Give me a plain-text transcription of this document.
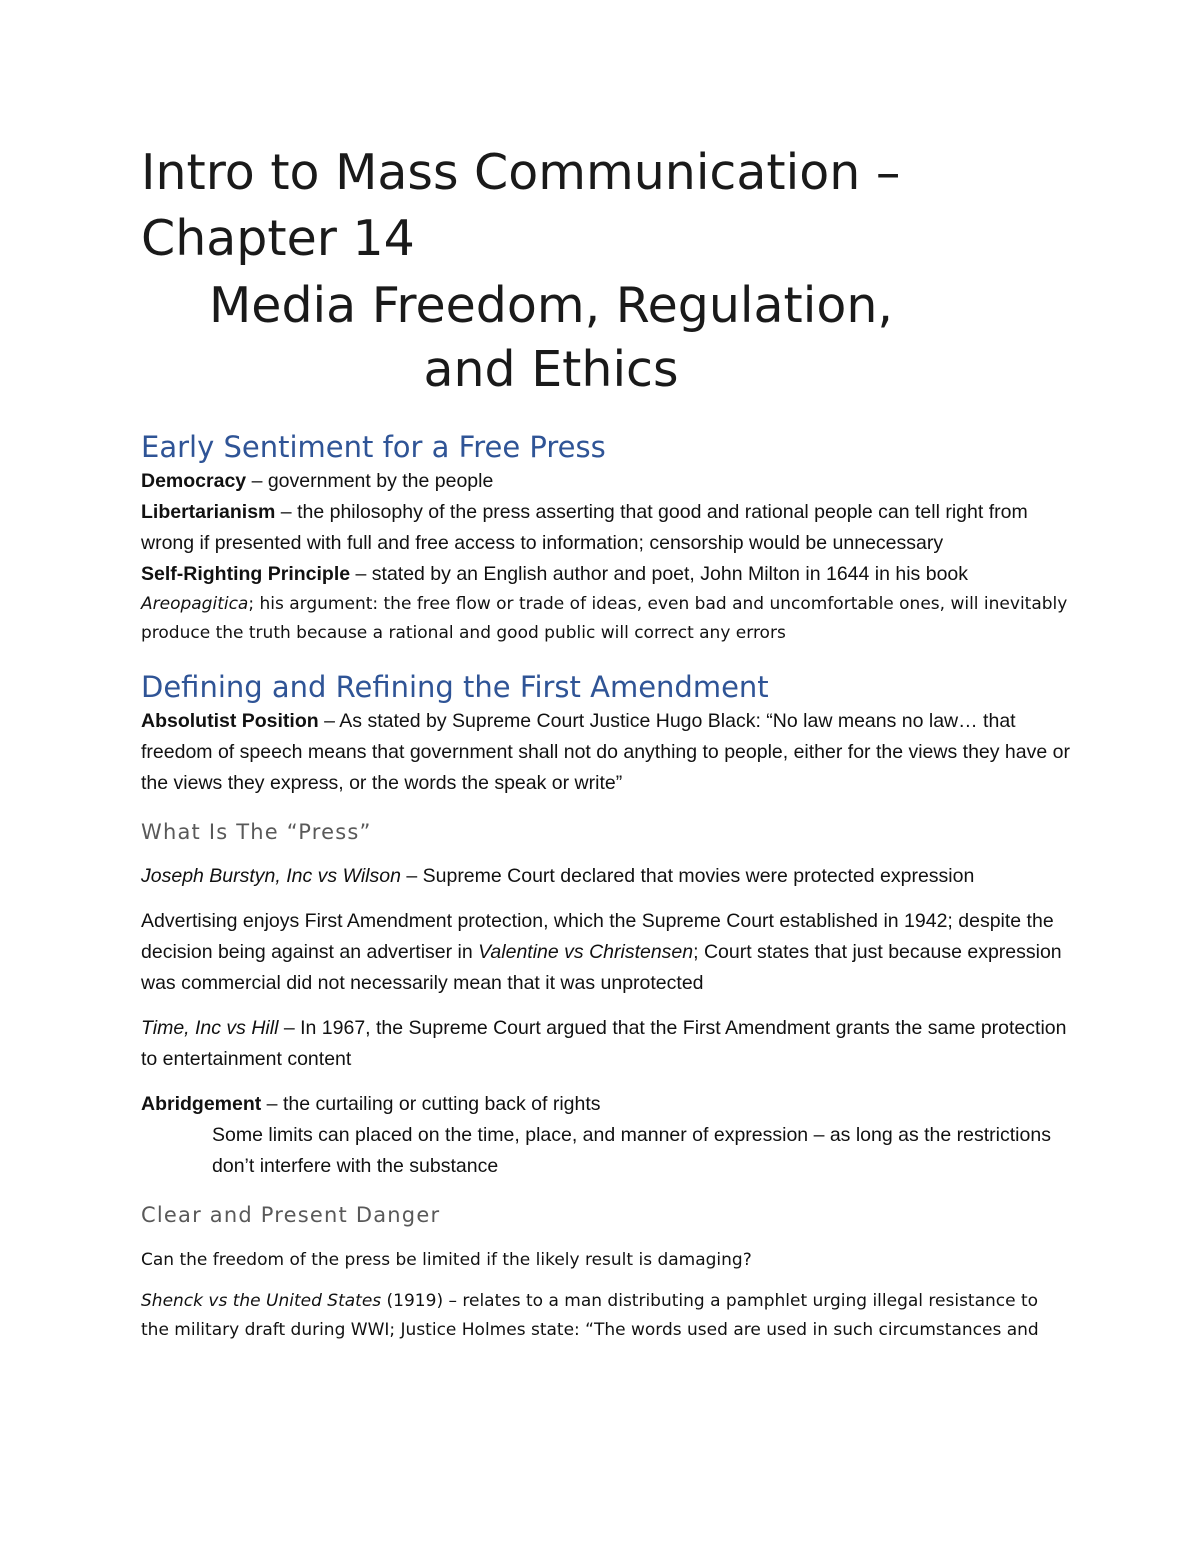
Intro to Mass Communication –
Chapter 14
Media Freedom, Regulation, and Ethics
Early Sentiment for a Free Press

Democracy – government by the people

Libertarianism – the philosophy of the press asserting that good and rational people can tell right from wrong if presented with full and free access to information; censorship would be unnecessary

Self-Righting Principle – stated by an English author and poet, John Milton in 1644 in his book

Areopagitica; his argument: the free flow or trade of ideas, even bad and uncomfortable ones, will inevitably produce the truth because a rational and good public will correct any errors

Defining and Refining the First Amendment

Absolutist Position – As stated by Supreme Court Justice Hugo Black: “No law means no law… that freedom of speech means that government shall not do anything to people, either for the views they have or the views they express, or the words the speak or write”

What Is The “Press”

Joseph Burstyn, Inc vs Wilson – Supreme Court declared that movies were protected expression

Advertising enjoys First Amendment protection, which the Supreme Court established in 1942; despite the decision being against an advertiser in Valentine vs Christensen; Court states that just because expression was commercial did not necessarily mean that it was unprotected

Time, Inc vs Hill – In 1967, the Supreme Court argued that the First Amendment grants the same protection to entertainment content

Abridgement – the curtailing or cutting back of rights

Some limits can placed on the time, place, and manner of expression – as long as the restrictions don’t interfere with the substance

Clear and Present Danger

Can the freedom of the press be limited if the likely result is damaging?

Shenck vs the United States (1919) – relates to a man distributing a pamphlet urging illegal resistance to the military draft during WWI; Justice Holmes state: “The words used are used in such circumstances and
